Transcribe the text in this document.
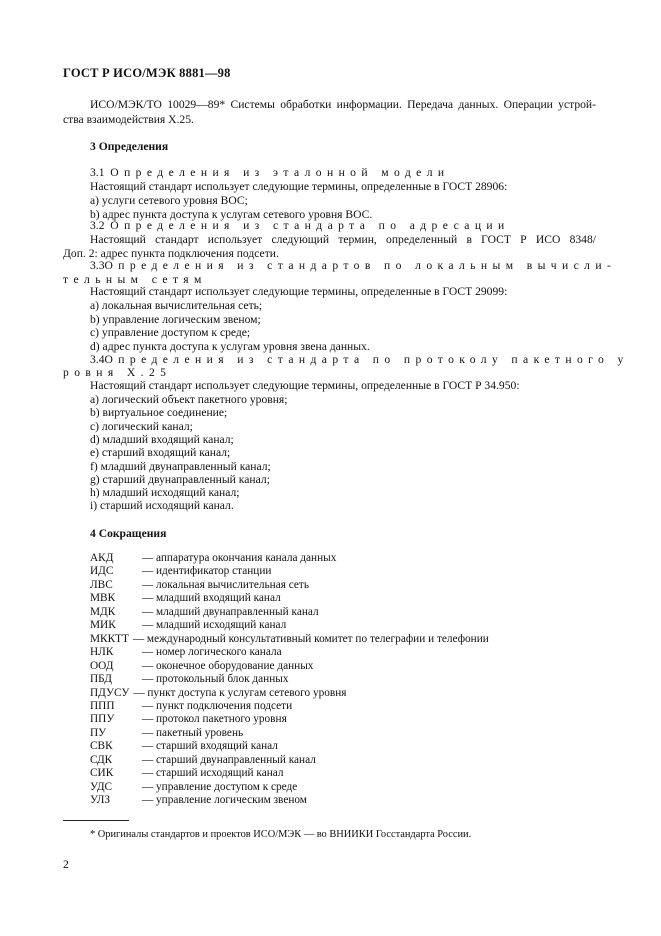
ГОСТ Р ИСО/МЭК 8881—98
ИСО/МЭК/ТО 10029—89* Системы обработки информации. Передача данных. Операции устрой-
ства взаимодействия X.25.
3 Определения
3.1 Определения из эталонной модели
Настоящий стандарт использует следующие термины, определенные в ГОСТ 28906:
a) услуги сетевого уровня ВОС;
b) адрес пункта доступа к услугам сетевого уровня ВОС.
3.2 Определения из стандарта по адресации
Настоящий стандарт использует следующий термин, определенный в ГОСТ Р ИСО 8348/
Доп. 2: адрес пункта подключения подсети.
3.3 Определения из стандартов по локальным вычисли-
тельным сетям
Настоящий стандарт использует следующие термины, определенные в ГОСТ 29099:
a) локальная вычислительная сеть;
b) управление логическим звеном;
c) управление доступом к среде;
d) адрес пункта доступа к услугам уровня звена данных.
3.4 Определения из стандарта по протоколу пакетного у
ровня X.25
Настоящий стандарт использует следующие термины, определенные в ГОСТ Р 34.950:
a) логический объект пакетного уровня;
b) виртуальное соединение;
c) логический канал;
d) младший входящий канал;
e) старший входящий канал;
f) младший двунаправленный канал;
g) старший двунаправленный канал;
h) младший исходящий канал;
i) старший исходящий канал.
4 Сокращения
АКД	— аппаратура окончания канала данных
ИДС	— идентификатор станции
ЛВС	— локальная вычислительная сеть
МВК — младший входящий канал
МДК — младший двунаправленный канал
МИК — младший исходящий канал
МККТТ — международный консультативный комитет по телеграфии и телефонии
НЛК	— номер логического канала
ООД	— оконечное оборудование данных
ПБД	— протокольный блок данных
ПДУСУ — пункт доступа к услугам сетевого уровня
ППП — пункт подключения подсети
ППУ — протокол пакетного уровня
ПУ	— пакетный уровень
СВК	— старший входящий канал
СДК	— старший двунаправленный канал
СИК	— старший исходящий канал
УДС	— управление доступом к среде
УЛЗ	— управление логическим звеном
* Оригиналы стандартов и проектов ИСО/МЭК — во ВНИИКИ Госстандарта России.
2
